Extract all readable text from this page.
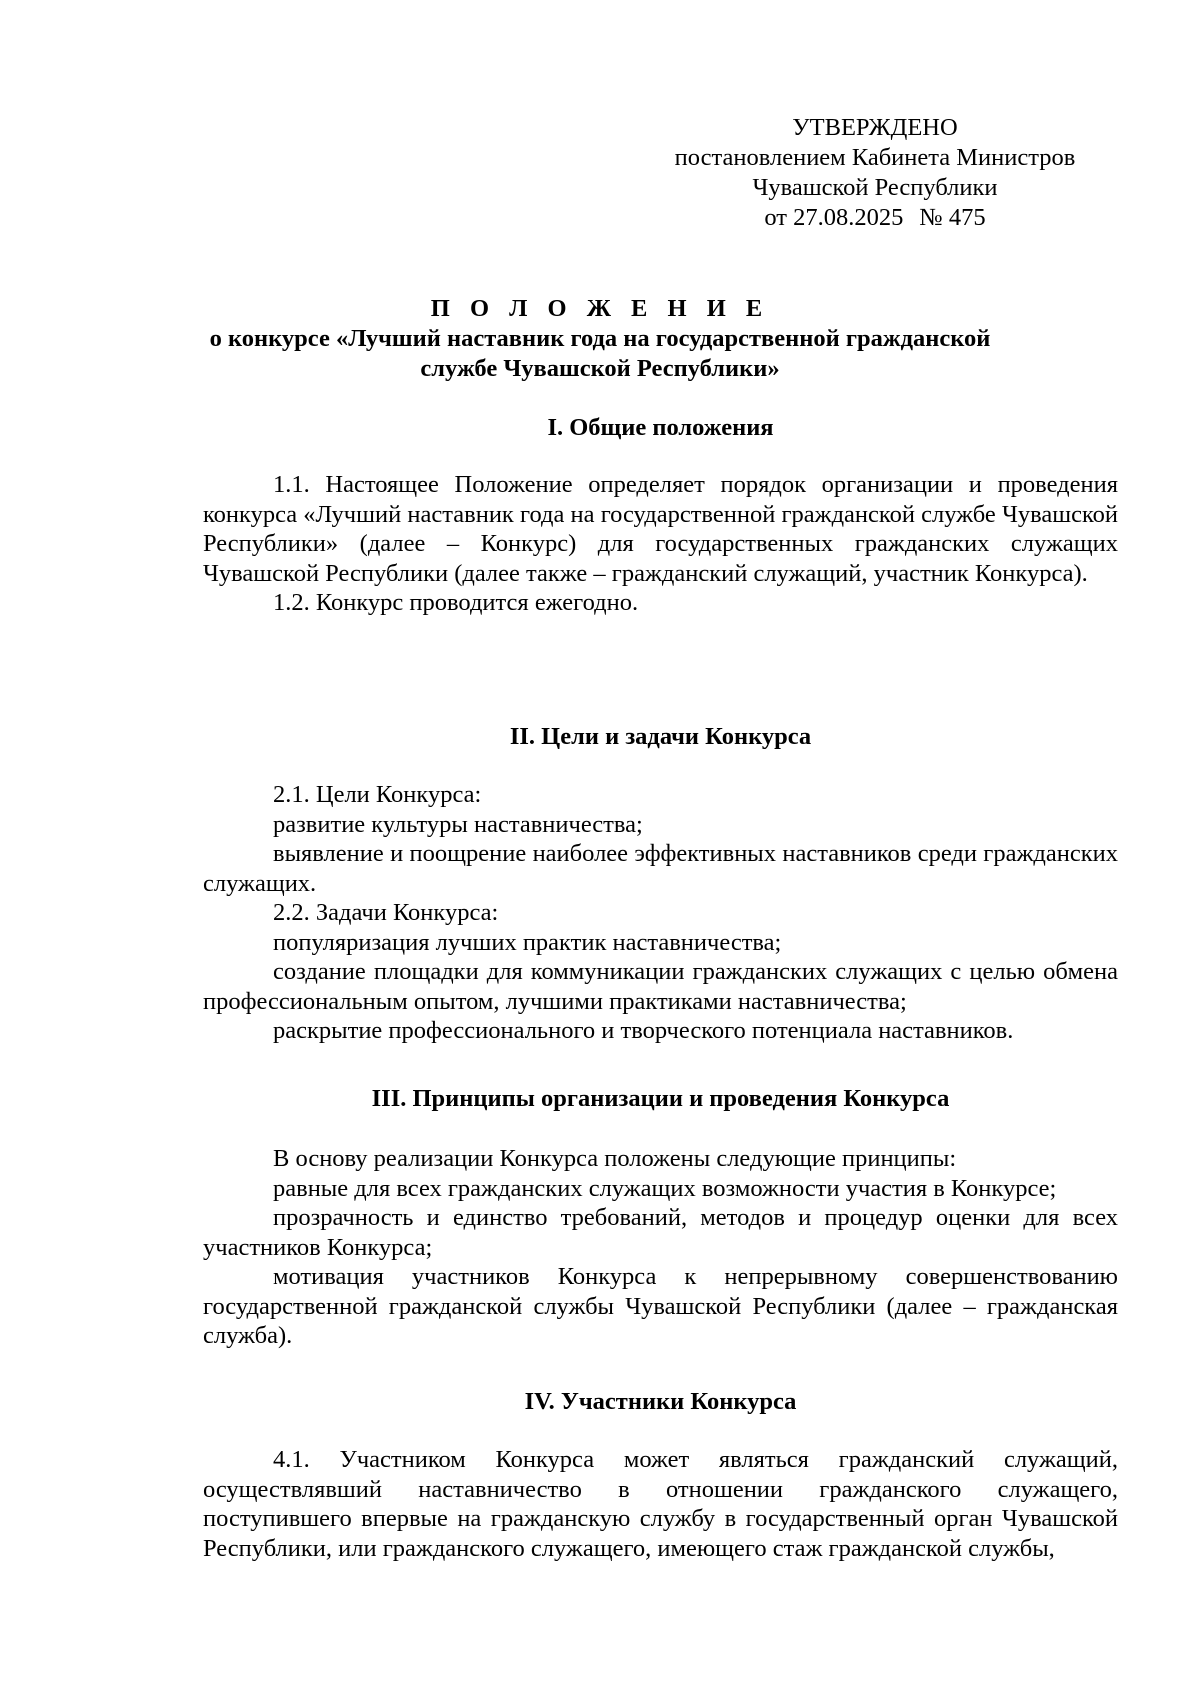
УТВЕРЖДЕНО
постановлением Кабинета Министров
Чувашской Республики
от 27.08.2025 № 475
П О Л О Ж Е Н И Е
о конкурсе «Лучший наставник года на государственной гражданской
службе Чувашской Республики»
I. Общие положения

1.1. Настоящее Положение определяет порядок организации и проведения конкурса «Лучший наставник года на государственной гражданской службе Чувашской Республики» (далее – Конкурс) для государственных гражданских служащих Чувашской Республики (далее также – гражданский служащий, участник Конкурса).

1.2. Конкурс проводится ежегодно.

II. Цели и задачи Конкурса

2.1. Цели Конкурса:

развитие культуры наставничества;

выявление и поощрение наиболее эффективных наставников среди гражданских служащих.

2.2. Задачи Конкурса:

популяризация лучших практик наставничества;

создание площадки для коммуникации гражданских служащих с целью обмена профессиональным опытом, лучшими практиками наставничества;

раскрытие профессионального и творческого потенциала наставников.

III. Принципы организации и проведения Конкурса

В основу реализации Конкурса положены следующие принципы:

равные для всех гражданских служащих возможности участия в Конкурсе;

прозрачность и единство требований, методов и процедур оценки для всех участников Конкурса;

мотивация участников Конкурса к непрерывному совершенствованию государственной гражданской службы Чувашской Республики (далее – гражданская служба).

IV. Участники Конкурса

4.1. Участником Конкурса может являться гражданский служащий, осуществлявший наставничество в отношении гражданского служащего, поступившего впервые на гражданскую службу в государственный орган Чувашской Республики, или гражданского служащего, имеющего стаж гражданской службы,
